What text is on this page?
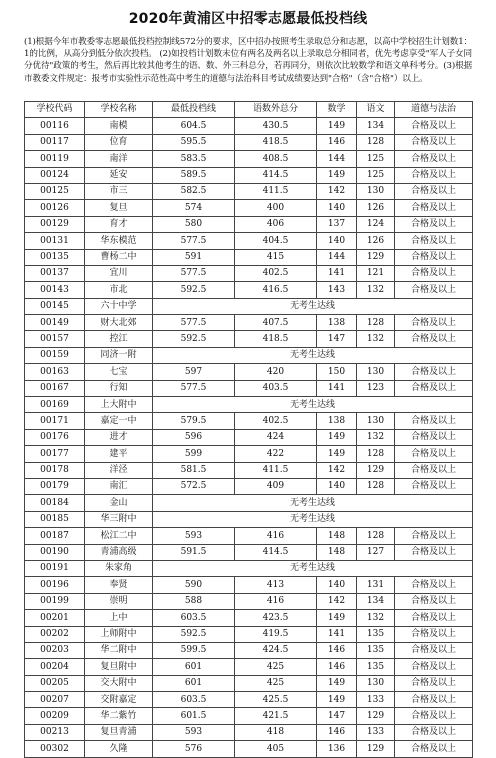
2020年黄浦区中招零志愿最低投档线
(1)根据今年市教委零志愿最低投档控制线572分的要求，区中招办按照考生录取总分和志愿，以高中学校招生计划数1：1的比例，从高分到低分依次投档。 (2)如投档计划数末位有两名及两名以上录取总分相同者，优先考虑享受"军人子女同分优待"政策的考生，然后再比较其他考生的语、数、外三科总分，若再同分，则依次比较数学和语文单科考分。(3)根据市教委文件规定：报考市实验性示范性高中考生的道德与法治科目考试成绩要达到"合格"（含"合格"）以上。
学校代码	学校名称	最低投档线	语数外总分	数学	语文	道德与法治
00116	南模	604.5	430.5	149	134	合格及以上
00117	位育	595.5	418.5	146	128	合格及以上
00119	南洋	583.5	408.5	144	125	合格及以上
00124	延安	589.5	414.5	149	125	合格及以上
00125	市三	582.5	411.5	142	130	合格及以上
00126	复旦	574	400	140	126	合格及以上
00129	育才	580	406	137	124	合格及以上
00131	华东模范	577.5	404.5	140	126	合格及以上
00135	曹杨二中	591	415	144	129	合格及以上
00137	宜川	577.5	402.5	141	121	合格及以上
00143	市北	592.5	416.5	143	132	合格及以上
00145	六十中学	无考生达线				
00149	财大北郊	577.5	407.5	138	128	合格及以上
00157	控江	592.5	418.5	147	132	合格及以上
00159	同济一附	无考生达线				
00163	七宝	597	420	150	130	合格及以上
00167	行知	577.5	403.5	141	123	合格及以上
00169	上大附中	无考生达线				
00171	嘉定一中	579.5	402.5	138	130	合格及以上
00176	进才	596	424	149	132	合格及以上
00177	建平	599	422	149	128	合格及以上
00178	洋泾	581.5	411.5	142	129	合格及以上
00179	南汇	572.5	409	140	128	合格及以上
00184	金山	无考生达线				
00185	华三附中	无考生达线				
00187	松江二中	593	416	148	128	合格及以上
00190	青浦高级	591.5	414.5	148	127	合格及以上
00191	朱家角	无考生达线				
00196	奉贤	590	413	140	131	合格及以上
00199	崇明	588	416	142	134	合格及以上
00201	上中	603.5	423.5	149	132	合格及以上
00202	上师附中	592.5	419.5	141	135	合格及以上
00203	华二附中	599.5	424.5	146	135	合格及以上
00204	复旦附中	601	425	146	135	合格及以上
00205	交大附中	601	425	149	130	合格及以上
00207	交附嘉定	603.5	425.5	149	133	合格及以上
00209	华二紫竹	601.5	421.5	147	129	合格及以上
00213	复旦青浦	593	418	146	133	合格及以上
00302	久隆	576	405	136	129	合格及以上
